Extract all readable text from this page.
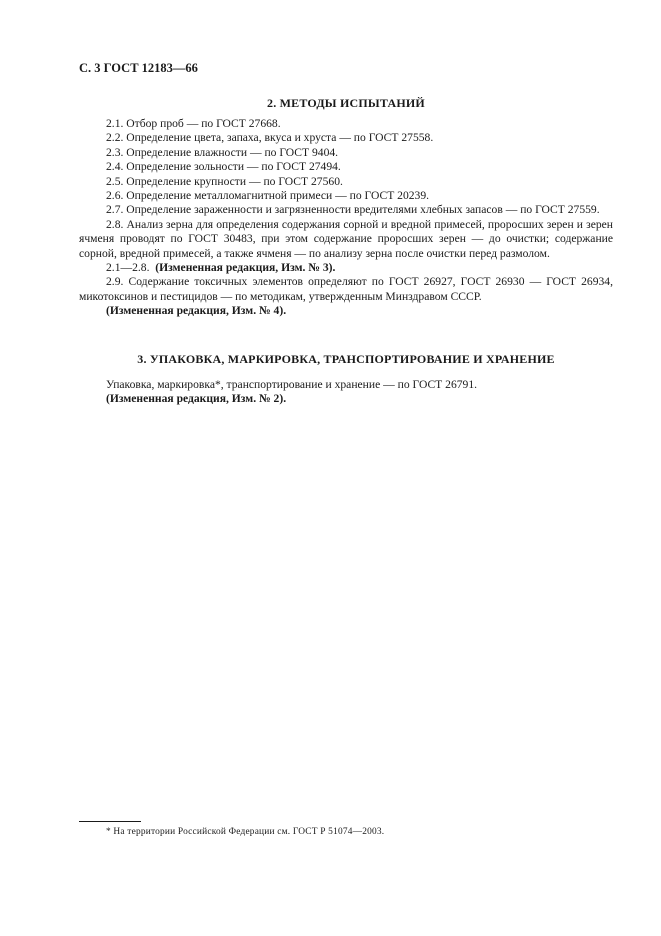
С. 3 ГОСТ 12183—66

2. МЕТОДЫ ИСПЫТАНИЙ

2.1. Отбор проб — по ГОСТ 27668.

2.2. Определение цвета, запаха, вкуса и хруста — по ГОСТ 27558.

2.3. Определение влажности — по ГОСТ 9404.

2.4. Определение зольности — по ГОСТ 27494.

2.5. Определение крупности — по ГОСТ 27560.

2.6. Определение металломагнитной примеси — по ГОСТ 20239.

2.7. Определение зараженности и загрязненности вредителями хлебных запасов — по ГОСТ 27559.

2.8. Анализ зерна для определения содержания сорной и вредной примесей, проросших зерен и зерен ячменя проводят по ГОСТ 30483, при этом содержание проросших зерен — до очистки; содержание сорной, вредной примесей, а также ячменя — по анализу зерна после очистки перед размолом.

2.1—2.8. (Измененная редакция, Изм. № 3).

2.9. Содержание токсичных элементов определяют по ГОСТ 26927, ГОСТ 26930 — ГОСТ 26934, микотоксинов и пестицидов — по методикам, утвержденным Минздравом СССР.

(Измененная редакция, Изм. № 4).

3. УПАКОВКА, МАРКИРОВКА, ТРАНСПОРТИРОВАНИЕ И ХРАНЕНИЕ

Упаковка, маркировка*, транспортирование и хранение — по ГОСТ 26791.

(Измененная редакция, Изм. № 2).

* На территории Российской Федерации см. ГОСТ Р 51074—2003.
